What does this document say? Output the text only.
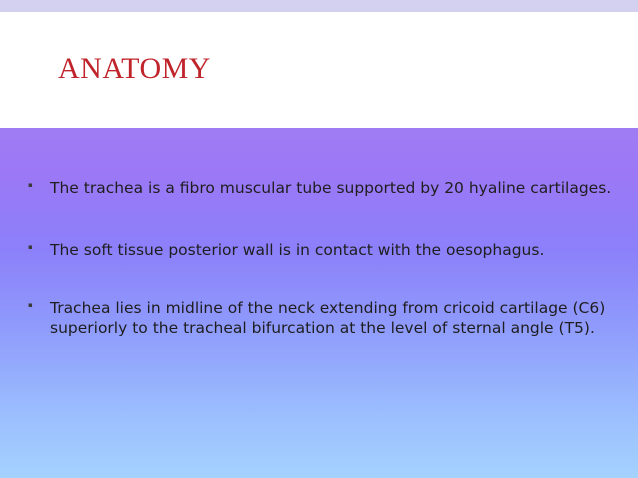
ANATOMY
▪ The trachea is a fibro muscular tube supported by 20 hyaline cartilages.
▪ The soft tissue posterior wall is in contact with the oesophagus.
▪ Trachea lies in midline of the neck extending from cricoid cartilage (C6) superiorly to the tracheal bifurcation at the level of sternal angle (T5).
